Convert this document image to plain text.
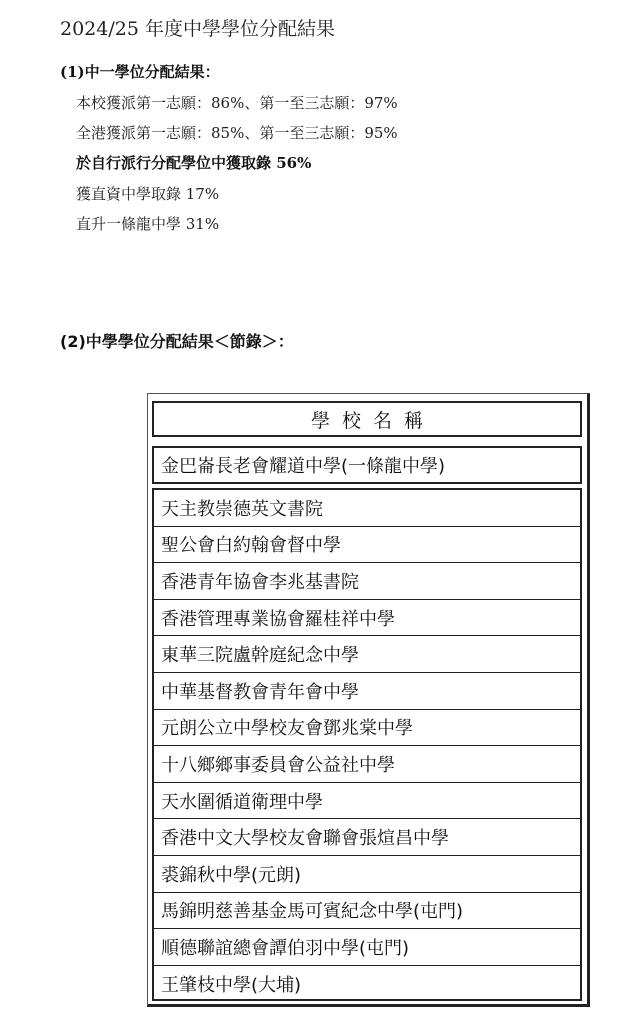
2024/25 年度中學學位分配結果
(1)中一學位分配結果：
本校獲派第一志願：86%、第一至三志願：97%
全港獲派第一志願：85%、第一至三志願：95%
於自行派行分配學位中獲取錄 56%
獲直資中學取錄 17%
直升一條龍中學 31%
(2)中學學位分配結果＜節錄＞：
學校名稱
金巴崙長老會耀道中學(一條龍中學)
天主教崇德英文書院
聖公會白約翰會督中學
香港青年協會李兆基書院
香港管理專業協會羅桂祥中學
東華三院盧幹庭紀念中學
中華基督教會青年會中學
元朗公立中學校友會鄧兆棠中學
十八鄉鄉事委員會公益社中學
天水圍循道衛理中學
香港中文大學校友會聯會張煊昌中學
裘錦秋中學(元朗)
馬錦明慈善基金馬可賓紀念中學(屯門)
順德聯誼總會譚伯羽中學(屯門)
王肇枝中學(大埔)
